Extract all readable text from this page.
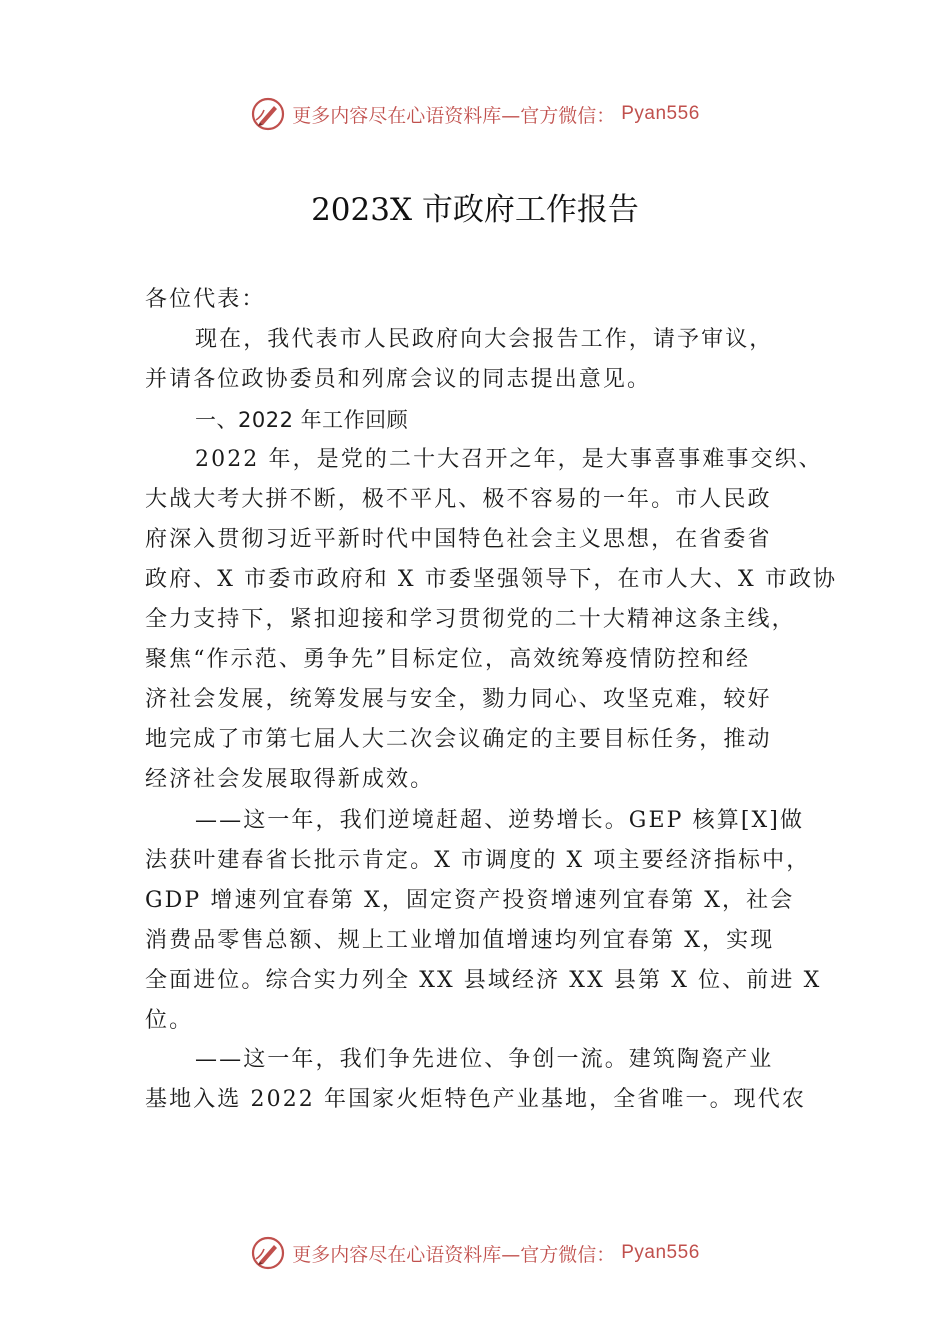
更多内容尽在心语资料库—官方微信： Pyan556
2023X 市政府工作报告

各位代表：

现在，我代表市人民政府向大会报告工作，请予审议，
并请各位政协委员和列席会议的同志提出意见。

一、2022 年工作回顾

2022 年，是党的二十大召开之年，是大事喜事难事交织、
大战大考大拼不断，极不平凡、极不容易的一年。市人民政
府深入贯彻习近平新时代中国特色社会主义思想，在省委省
政府、X 市委市政府和 X 市委坚强领导下，在市人大、X 市政协
全力支持下，紧扣迎接和学习贯彻党的二十大精神这条主线，
聚焦“作示范、勇争先”目标定位，高效统筹疫情防控和经
济社会发展，统筹发展与安全，勠力同心、攻坚克难，较好
地完成了市第七届人大二次会议确定的主要目标任务，推动
经济社会发展取得新成效。

——这一年，我们逆境赶超、逆势增长。GEP 核算[X]做
法获叶建春省长批示肯定。X 市调度的 X 项主要经济指标中，
GDP 增速列宜春第 X，固定资产投资增速列宜春第 X，社会
消费品零售总额、规上工业增加值增速均列宜春第 X，实现
全面进位。综合实力列全 XX 县域经济 XX 县第 X 位、前进 X
位。

——这一年，我们争先进位、争创一流。建筑陶瓷产业
基地入选 2022 年国家火炬特色产业基地，全省唯一。现代农

更多内容尽在心语资料库—官方微信： Pyan556
